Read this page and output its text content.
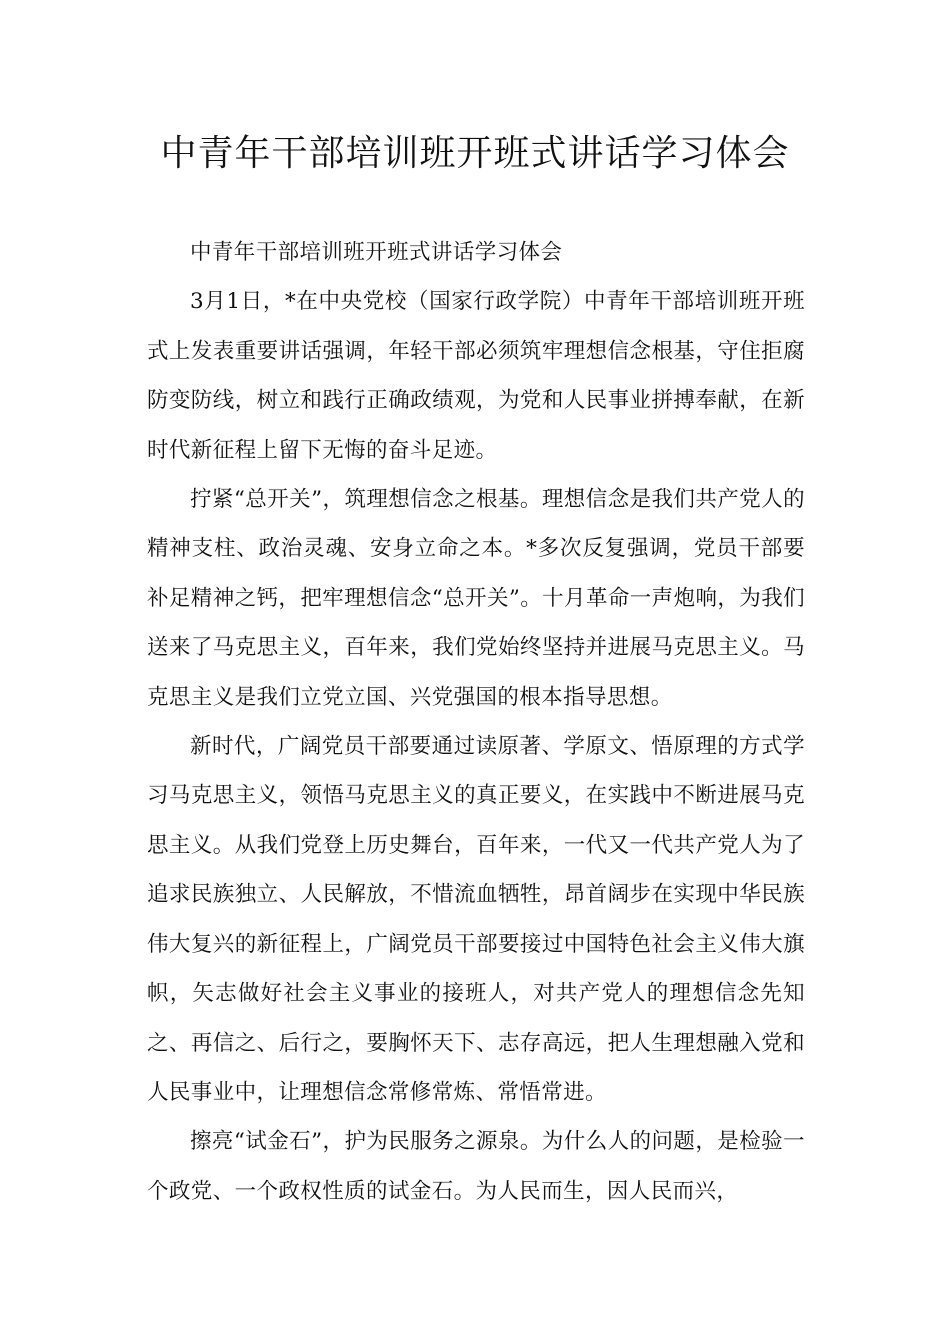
中青年干部培训班开班式讲话学习体会

中青年干部培训班开班式讲话学习体会

3月1日，*在中央党校（国家行政学院）中青年干部培训班开班式上发表重要讲话强调，年轻干部必须筑牢理想信念根基，守住拒腐防变防线，树立和践行正确政绩观，为党和人民事业拼搏奉献，在新时代新征程上留下无悔的奋斗足迹。

拧紧“总开关”，筑理想信念之根基。理想信念是我们共产党人的精神支柱、政治灵魂、安身立命之本。*多次反复强调，党员干部要补足精神之钙，把牢理想信念“总开关”。十月革命一声炮响，为我们送来了马克思主义，百年来，我们党始终坚持并进展马克思主义。马克思主义是我们立党立国、兴党强国的根本指导思想。

新时代，广阔党员干部要通过读原著、学原文、悟原理的方式学习马克思主义，领悟马克思主义的真正要义，在实践中不断进展马克思主义。从我们党登上历史舞台，百年来，一代又一代共产党人为了追求民族独立、人民解放，不惜流血牺牲，昂首阔步在实现中华民族伟大复兴的新征程上，广阔党员干部要接过中国特色社会主义伟大旗帜，矢志做好社会主义事业的接班人，对共产党人的理想信念先知之、再信之、后行之，要胸怀天下、志存高远，把人生理想融入党和人民事业中，让理想信念常修常炼、常悟常进。

擦亮“试金石”，护为民服务之源泉。为什么人的问题，是检验一个政党、一个政权性质的试金石。为人民而生，因人民而兴，
